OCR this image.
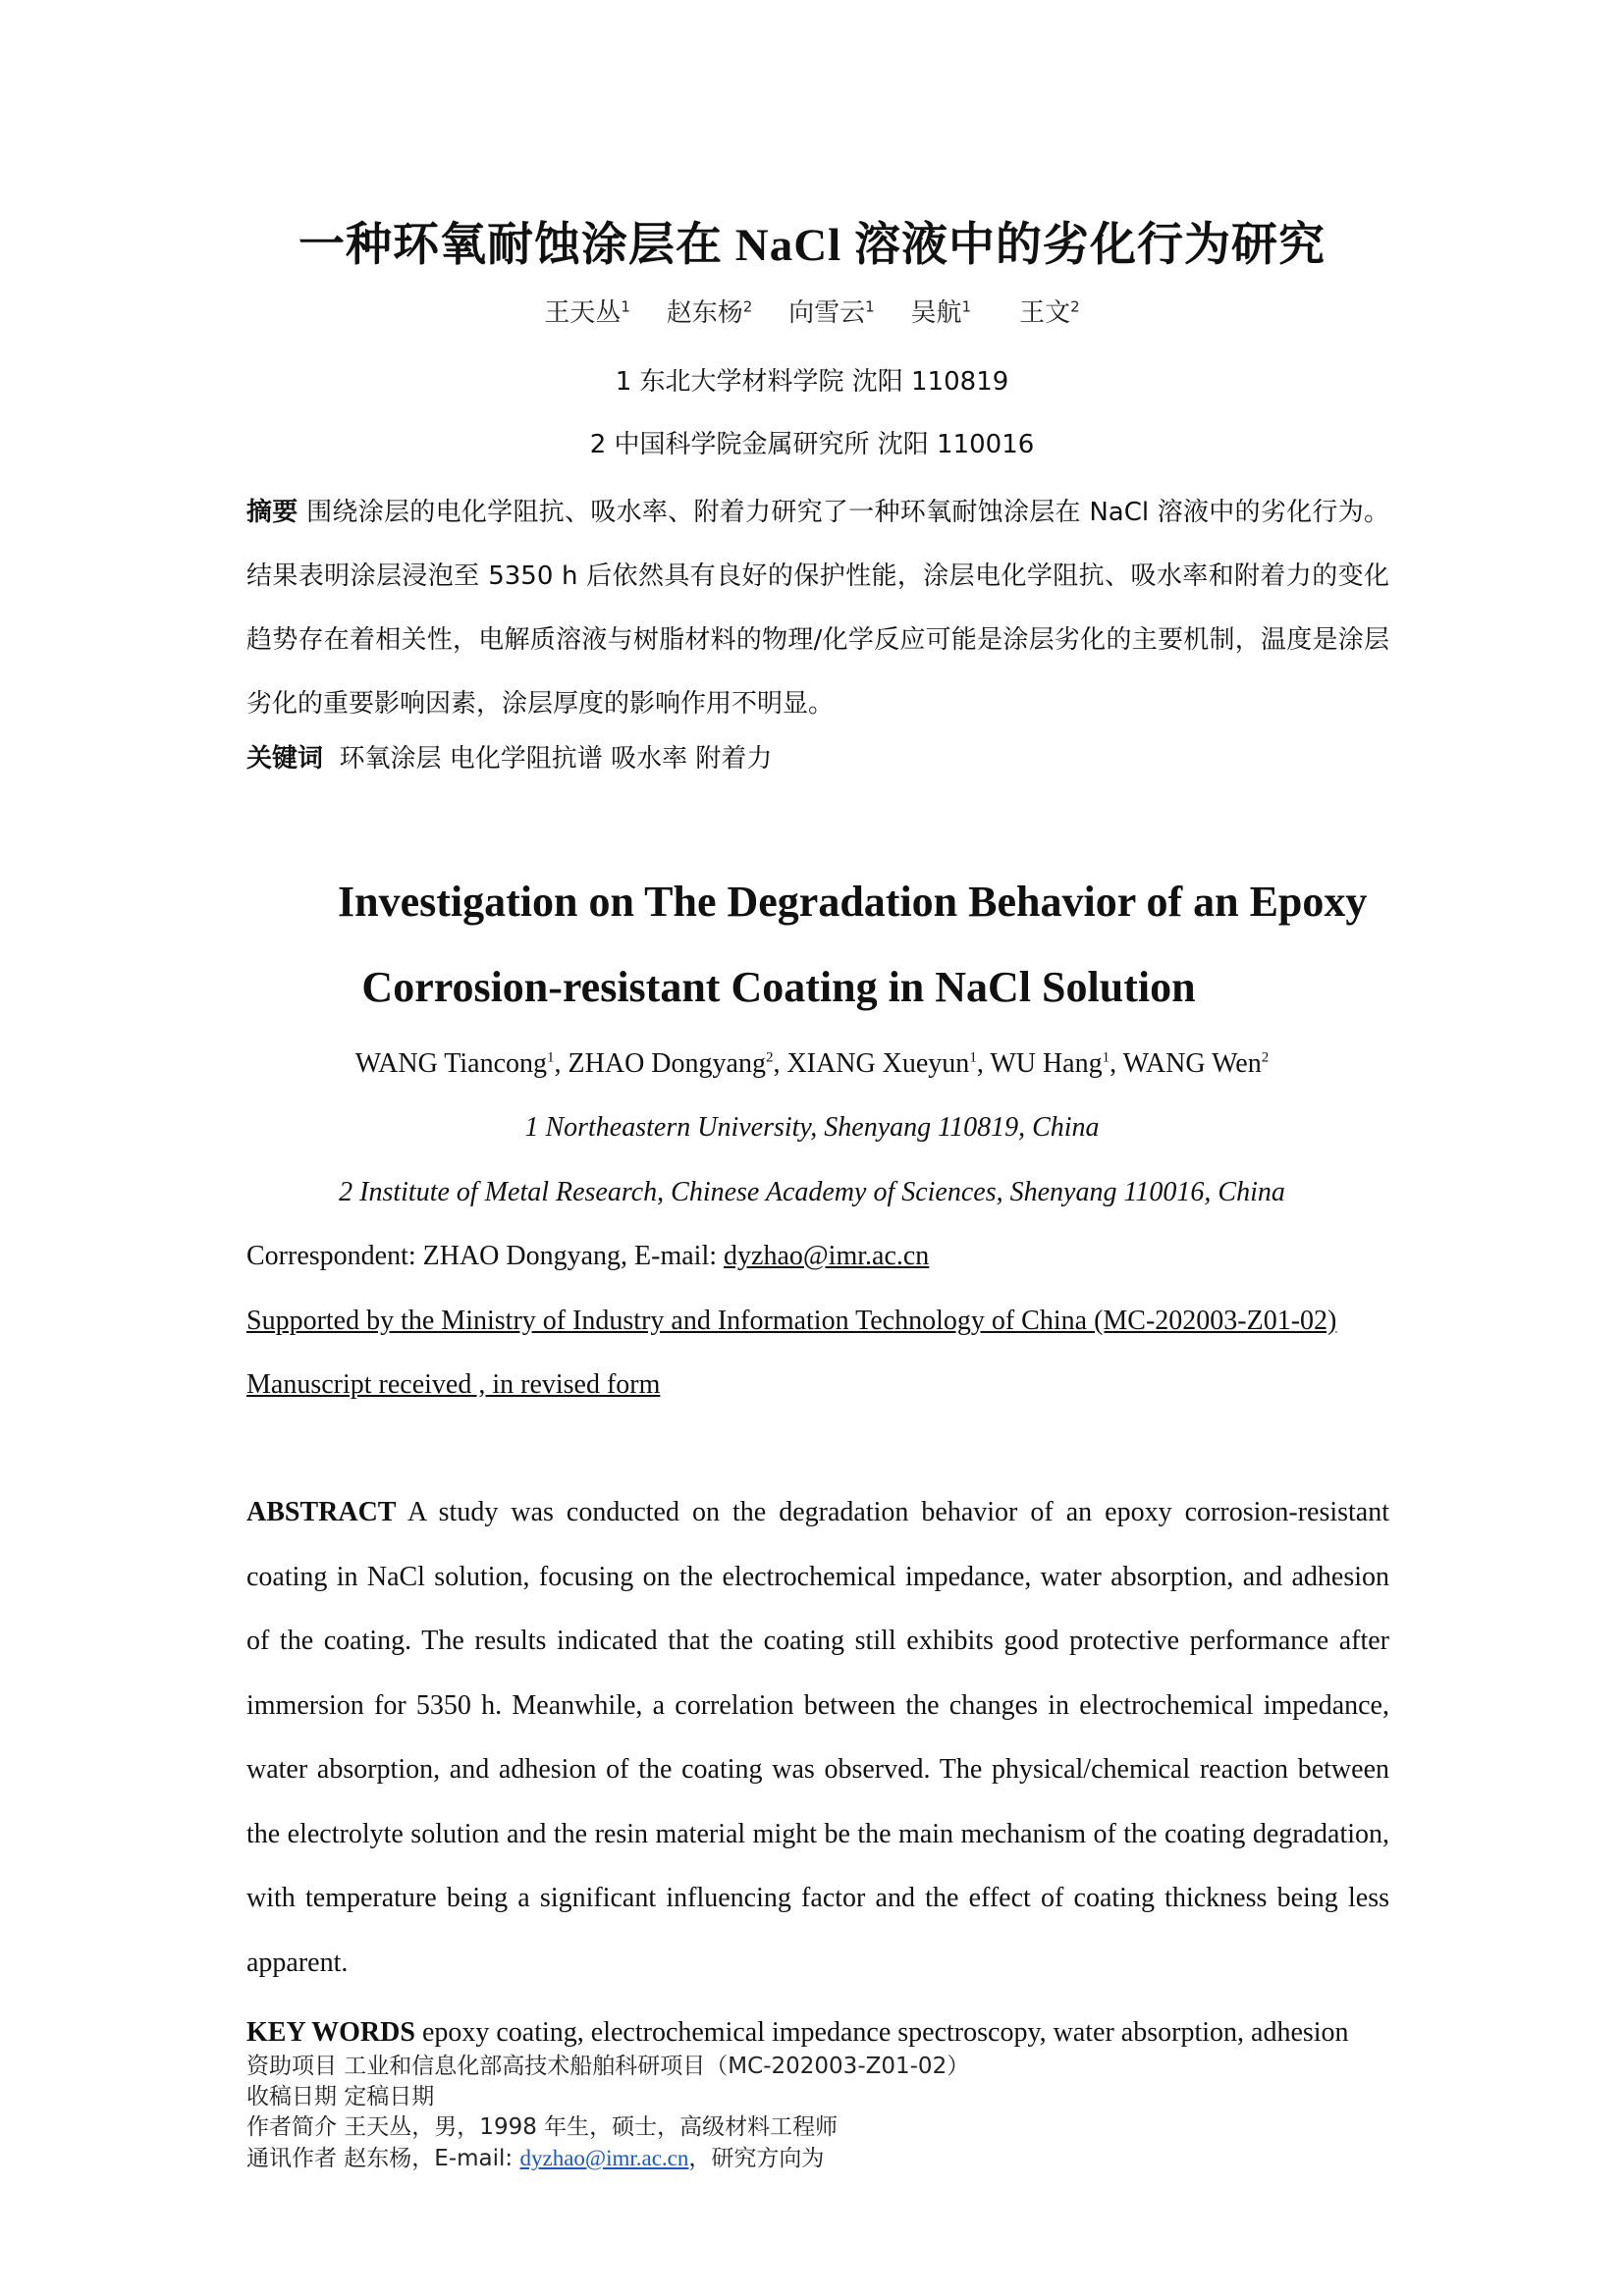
一种环氧耐蚀涂层在 NaCl 溶液中的劣化行为研究
王天丛$^1$ 赵东杨$^2$ 向雪云$^1$ 吴航$^1$ 王文$^2$
1 东北大学材料学院 沈阳 110819
2 中国科学院金属研究所 沈阳 110016
摘要 围绕涂层的电化学阻抗、吸水率、附着力研究了一种环氧耐蚀涂层在 NaCl 溶液中的劣化行为。结果表明涂层浸泡至 5350 h 后依然具有良好的保护性能，涂层电化学阻抗、吸水率和附着力的变化趋势存在着相关性，电解质溶液与树脂材料的物理/化学反应可能是涂层劣化的主要机制，温度是涂层劣化的重要影响因素，涂层厚度的影响作用不明显。
关键词 环氧涂层 电化学阻抗谱 吸水率 附着力
Investigation on The Degradation Behavior of an Epoxy
Corrosion-resistant Coating in NaCl Solution
WANG Tiancong$^1$, ZHAO Dongyang$^2$, XIANG Xueyun$^1$, WU Hang$^1$, WANG Wen$^2$
1 Northeastern University, Shenyang 110819, China
2 Institute of Metal Research, Chinese Academy of Sciences, Shenyang 110016, China
Correspondent: ZHAO Dongyang, E-mail: dyzhao@imr.ac.cn
Supported by the Ministry of Industry and Information Technology of China (MC-202003-Z01-02)
Manuscript received , in revised form
ABSTRACT A study was conducted on the degradation behavior of an epoxy corrosion-resistant coating in NaCl solution, focusing on the electrochemical impedance, water absorption, and adhesion of the coating. The results indicated that the coating still exhibits good protective performance after immersion for 5350 h. Meanwhile, a correlation between the changes in electrochemical impedance, water absorption, and adhesion of the coating was observed. The physical/chemical reaction between the electrolyte solution and the resin material might be the main mechanism of the coating degradation, with temperature being a significant influencing factor and the effect of coating thickness being less apparent.
KEY WORDS epoxy coating, electrochemical impedance spectroscopy, water absorption, adhesion
资助项目 工业和信息化部高技术船舶科研项目（MC-202003-Z01-02）
收稿日期 定稿日期
作者简介 王天丛，男，1998 年生，硕士，高级材料工程师
通讯作者 赵东杨，E-mail: dyzhao@imr.ac.cn，研究方向为
